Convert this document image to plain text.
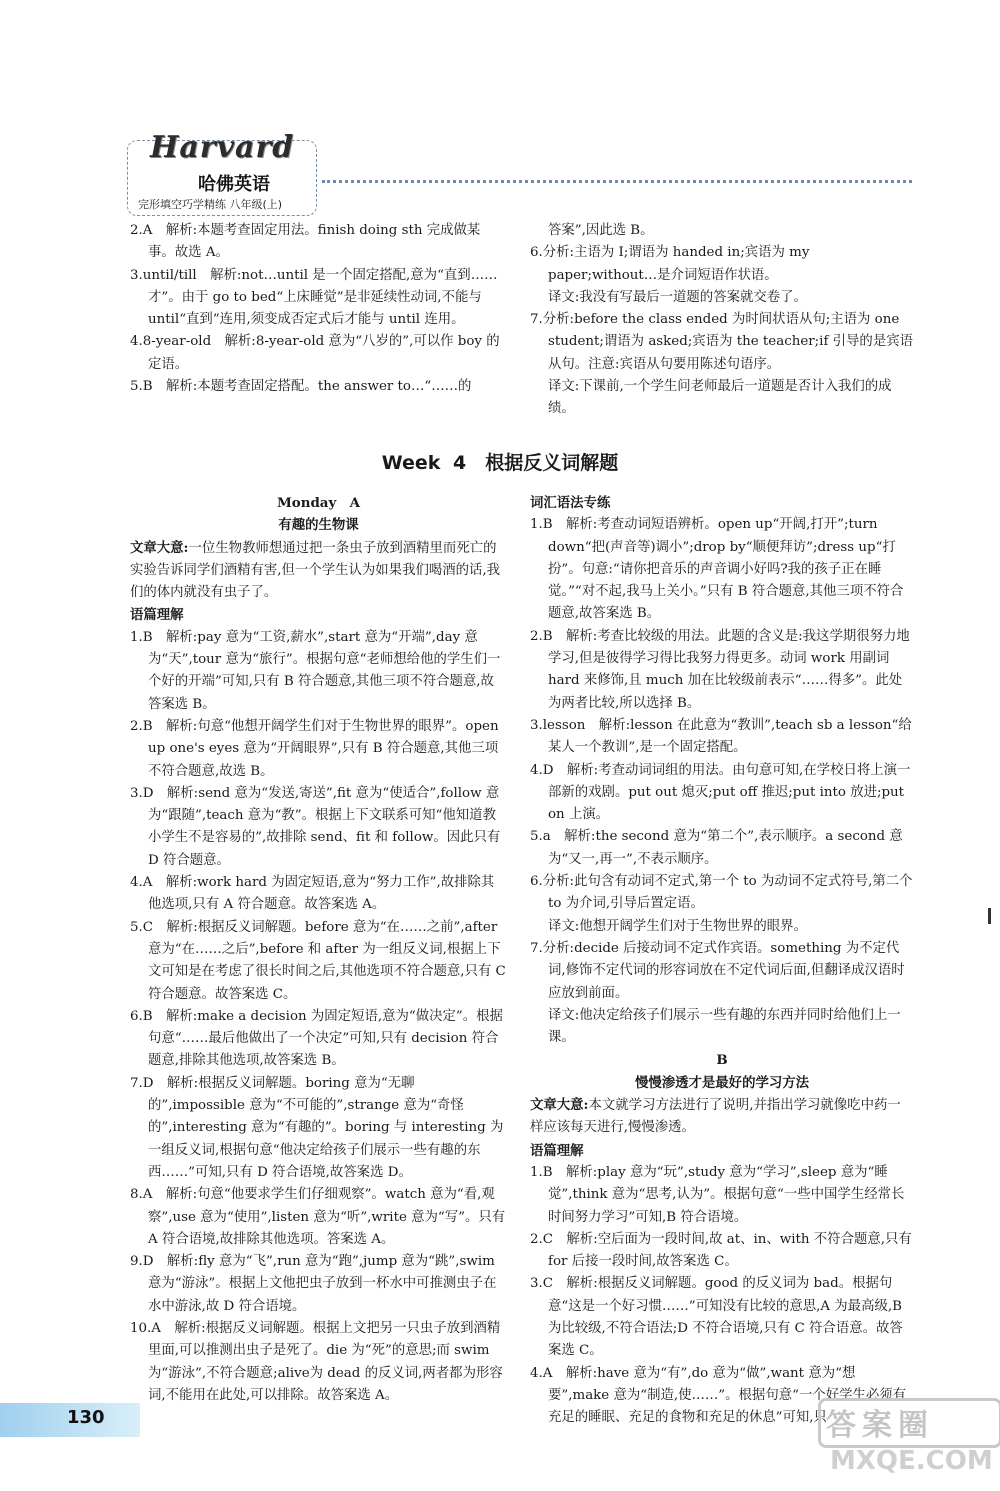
Harvard
哈佛英语
完形填空巧学精练 八年级(上)

2.A　解析:本题考查固定用法。finish doing sth 完成做某事。故选 A。

3.until/till　解析:not…until 是一个固定搭配,意为“直到……才”。由于 go to bed“上床睡觉”是非延续性动词,不能与 until“直到”连用,须变成否定式后才能与 until 连用。

4.8-year-old　解析:8-year-old 意为“八岁的”,可以作 boy 的定语。

5.B　解析:本题考查固定搭配。the answer to…“……的

答案”,因此选 B。

6.分析:主语为 I;谓语为 handed in;宾语为 my paper;without…是介词短语作状语。

译文:我没有写最后一道题的答案就交卷了。

7.分析:before the class ended 为时间状语从句;主语为 one student;谓语为 asked;宾语为 the teacher;if 引导的是宾语从句。注意:宾语从句要用陈述句语序。

译文:下课前,一个学生问老师最后一道题是否计入我们的成绩。

Week 4　根据反义词解题

Monday　A

有趣的生物课

文章大意:一位生物教师想通过把一条虫子放到酒精里而死亡的实验告诉同学们酒精有害,但一个学生认为如果我们喝酒的话,我们的体内就没有虫子了。

语篇理解

1.B　解析:pay 意为“工资,薪水”,start 意为“开端”,day 意为“天”,tour 意为“旅行”。根据句意“老师想给他的学生们一个好的开端”可知,只有 B 符合题意,其他三项不符合题意,故答案选 B。

2.B　解析:句意“他想开阔学生们对于生物世界的眼界”。open up one's eyes 意为“开阔眼界”,只有 B 符合题意,其他三项不符合题意,故选 B。

3.D　解析:send 意为“发送,寄送”,fit 意为“使适合”,follow 意为“跟随”,teach 意为“教”。根据上下文联系可知“他知道教小学生不是容易的”,故排除 send、fit 和 follow。因此只有 D 符合题意。

4.A　解析:work hard 为固定短语,意为“努力工作”,故排除其他选项,只有 A 符合题意。故答案选 A。

5.C　解析:根据反义词解题。before 意为“在……之前”,after 意为“在……之后”,before 和 after 为一组反义词,根据上下文可知是在考虑了很长时间之后,其他选项不符合题意,只有 C 符合题意。故答案选 C。

6.B　解析:make a decision 为固定短语,意为“做决定”。根据句意“……最后他做出了一个决定”可知,只有 decision 符合题意,排除其他选项,故答案选 B。

7.D　解析:根据反义词解题。boring 意为“无聊的”,impossible 意为“不可能的”,strange 意为“奇怪的”,interesting 意为“有趣的”。boring 与 interesting 为一组反义词,根据句意“他决定给孩子们展示一些有趣的东西……”可知,只有 D 符合语境,故答案选 D。

8.A　解析:句意“他要求学生们仔细观察”。watch 意为“看,观察”,use 意为“使用”,listen 意为“听”,write 意为“写”。只有 A 符合语境,故排除其他选项。答案选 A。

9.D　解析:fly 意为“飞”,run 意为“跑”,jump 意为“跳”,swim 意为“游泳”。根据上文他把虫子放到一杯水中可推测虫子在水中游泳,故 D 符合语境。

10.A　解析:根据反义词解题。根据上文把另一只虫子放到酒精里面,可以推测出虫子是死了。die 为“死”的意思;而 swim 为“游泳”,不符合题意;alive为 dead 的反义词,两者都为形容词,不能用在此处,可以排除。故答案选 A。

词汇语法专练

1.B　解析:考查动词短语辨析。open up“开阔,打开”;turn down“把(声音等)调小”;drop by“顺便拜访”;dress up“打扮”。句意:“请你把音乐的声音调小好吗?我的孩子正在睡觉。”“对不起,我马上关小。”只有 B 符合题意,其他三项不符合题意,故答案选 B。

2.B　解析:考查比较级的用法。此题的含义是:我这学期很努力地学习,但是彼得学习得比我努力得更多。动词 work 用副词 hard 来修饰,且 much 加在比较级前表示“……得多”。此处为两者比较,所以选择 B。

3.lesson　解析:lesson 在此意为“教训”,teach sb a lesson“给某人一个教训”,是一个固定搭配。

4.D　解析:考查动词词组的用法。由句意可知,在学校日将上演一部新的戏剧。put out 熄灭;put off 推迟;put into 放进;put on 上演。

5.a　解析:the second 意为“第二个”,表示顺序。a second 意为“又一,再一”,不表示顺序。

6.分析:此句含有动词不定式,第一个 to 为动词不定式符号,第二个 to 为介词,引导后置定语。

译文:他想开阔学生们对于生物世界的眼界。

7.分析:decide 后接动词不定式作宾语。something 为不定代词,修饰不定代词的形容词放在不定代词后面,但翻译成汉语时应放到前面。

译文:他决定给孩子们展示一些有趣的东西并同时给他们上一课。

B

慢慢渗透才是最好的学习方法

文章大意:本文就学习方法进行了说明,并指出学习就像吃中药一样应该每天进行,慢慢渗透。

语篇理解

1.B　解析:play 意为“玩”,study 意为“学习”,sleep 意为“睡觉”,think 意为“思考,认为”。根据句意“一些中国学生经常长时间努力学习”可知,B 符合语境。

2.C　解析:空后面为一段时间,故 at、in、with 不符合题意,只有 for 后接一段时间,故答案选 C。

3.C　解析:根据反义词解题。good 的反义词为 bad。根据句意“这是一个好习惯……”可知没有比较的意思,A 为最高级,B 为比较级,不符合语法;D 不符合语境,只有 C 符合语意。故答案选 C。

4.A　解析:have 意为“有”,do 意为“做”,want 意为“想要”,make 意为“制造,使……”。根据句意“一个好学生必须有充足的睡眠、充足的食物和充足的休息”可知,只

130	答案圈
MXQE.COM
